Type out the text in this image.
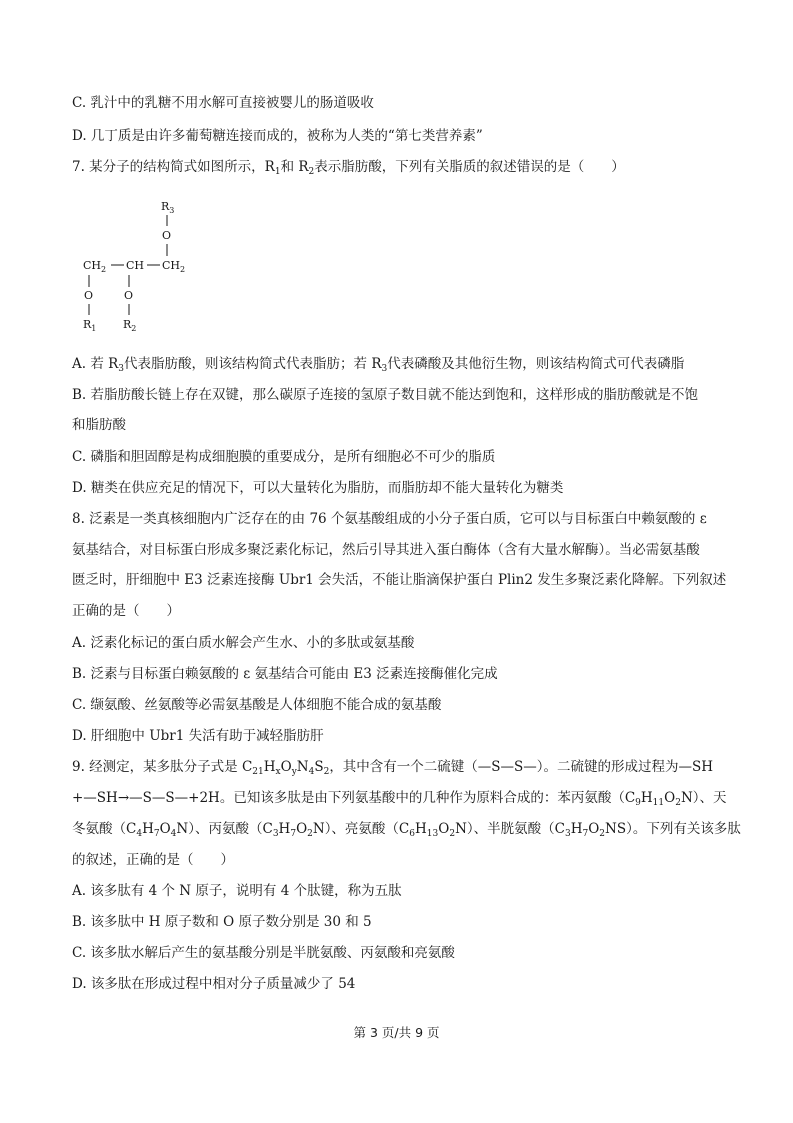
C. 乳汁中的乳糖不用水解可直接被婴儿的肠道吸收
D. 几丁质是由许多葡萄糖连接而成的，被称为人类的“第七类营养素”
7. 某分子的结构简式如图所示，$R_1$和 $R_2$表示脂肪酸，下列有关脂质的叙述错误的是（　　）
$R_3$
O
$CH_2$ CH $CH_2$
O	O
$R_1$ $R_2$
A. 若 $R_3$代表脂肪酸，则该结构简式代表脂肪；若 $R_3$代表磷酸及其他衍生物，则该结构简式可代表磷脂
B. 若脂肪酸长链上存在双键，那么碳原子连接的氢原子数目就不能达到饱和，这样形成的脂肪酸就是不饱
和脂肪酸
C. 磷脂和胆固醇是构成细胞膜的重要成分，是所有细胞必不可少的脂质
D. 糖类在供应充足的情况下，可以大量转化为脂肪，而脂肪却不能大量转化为糖类
8. 泛素是一类真核细胞内广泛存在的由 76 个氨基酸组成的小分子蛋白质，它可以与目标蛋白中赖氨酸的 ε
氨基结合，对目标蛋白形成多聚泛素化标记，然后引导其进入蛋白酶体（含有大量水解酶）。当必需氨基酸
匮乏时，肝细胞中 E3 泛素连接酶 Ubr1 会失活，不能让脂滴保护蛋白 Plin2 发生多聚泛素化降解。下列叙述
正确的是（　　）
A. 泛素化标记的蛋白质水解会产生水、小的多肽或氨基酸
B. 泛素与目标蛋白赖氨酸的 ε 氨基结合可能由 E3 泛素连接酶催化完成
C. 缬氨酸、丝氨酸等必需氨基酸是人体细胞不能合成的氨基酸
D. 肝细胞中 Ubr1 失活有助于减轻脂肪肝
9. 经测定，某多肽分子式是 $C_{21}H_xO_yN_4S_2$，其中含有一个二硫键（—S—S—）。二硫键的形成过程为—SH
+—SH→—S—S—+2H。已知该多肽是由下列氨基酸中的几种作为原料合成的：苯丙氨酸$(C_9H_{11}O_2N)$、天
冬氨酸$(C_4H_7O_4N)$、丙氨酸$(C_3H_7O_2N)$、亮氨酸$(C_6H_{13}O_2N)$、半胱氨酸$(C_3H_7O_2NS)$。下列有关该多肽
的叙述，正确的是（　　）
A. 该多肽有 4 个 N 原子，说明有 4 个肽键，称为五肽
B. 该多肽中 H 原子数和 O 原子数分别是 30 和 5
C. 该多肽水解后产生的氨基酸分别是半胱氨酸、丙氨酸和亮氨酸
D. 该多肽在形成过程中相对分子质量减少了 54
第 3 页/共 9 页
